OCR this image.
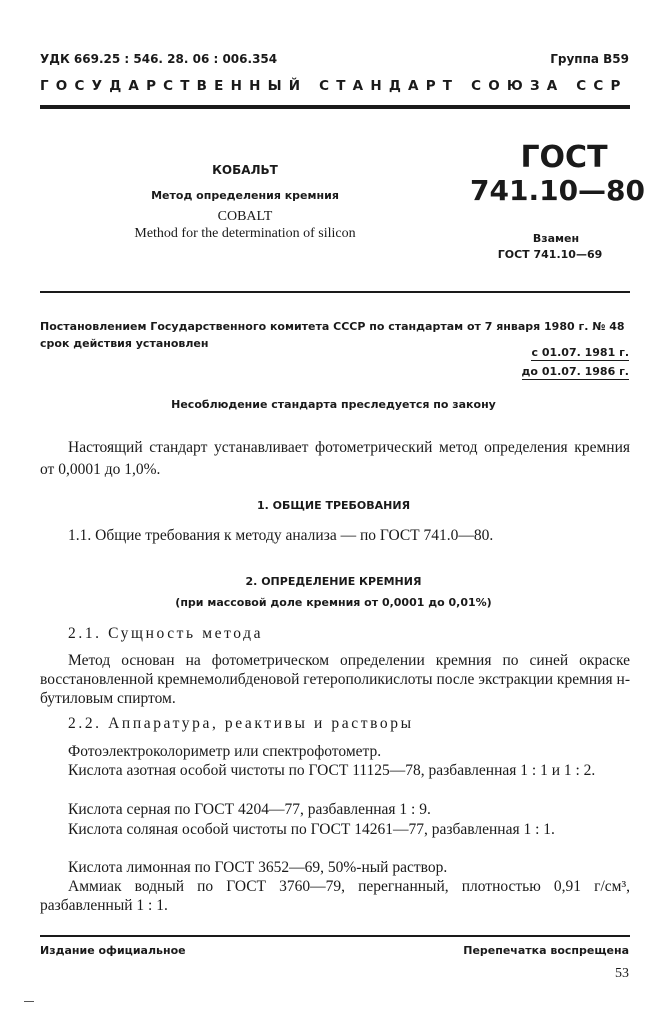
УДК 669.25 : 546. 28. 06 : 006.354	Группа В59
ГОСУДАРСТВЕННЫЙ СТАНДАРТ СОЮЗА ССР
КОБАЛЬТ
Метод определения кремния
COBALT
Method for the determination of silicon
ГОСТ
741.10—80
Взамен
ГОСТ 741.10—69
Постановлением Государственного комитета СССР по стандартам от 7 января 1980 г. № 48 срок действия установлен
с 01.07. 1981 г.
до 01.07. 1986 г.
Несоблюдение стандарта преследуется по закону
Настоящий стандарт устанавливает фотометрический метод определения кремния от 0,0001 до 1,0%.
1. ОБЩИЕ ТРЕБОВАНИЯ
1.1. Общие требования к методу анализа — по ГОСТ 741.0—80.
2. ОПРЕДЕЛЕНИЕ КРЕМНИЯ
(при массовой доле кремния от 0,0001 до 0,01%)
2.1. Сущность метода
Метод основан на фотометрическом определении кремния по синей окраске восстановленной кремнемолибденовой гетерополикислоты после экстракции кремния н-бутиловым спиртом.
2.2. Аппаратура, реактивы и растворы
Фотоэлектроколориметр или спектрофотометр.
Кислота азотная особой чистоты по ГОСТ 11125—78, разбавленная 1 : 1 и 1 : 2.
Кислота серная по ГОСТ 4204—77, разбавленная 1 : 9.
Кислота соляная особой чистоты по ГОСТ 14261—77, разбавленная 1 : 1.
Кислота лимонная по ГОСТ 3652—69, 50%-ный раствор.
Аммиак водный по ГОСТ 3760—79, перегнанный, плотностью 0,91 г/см³, разбавленный 1 : 1.
Издание официальное	Перепечатка воспрещена
53
